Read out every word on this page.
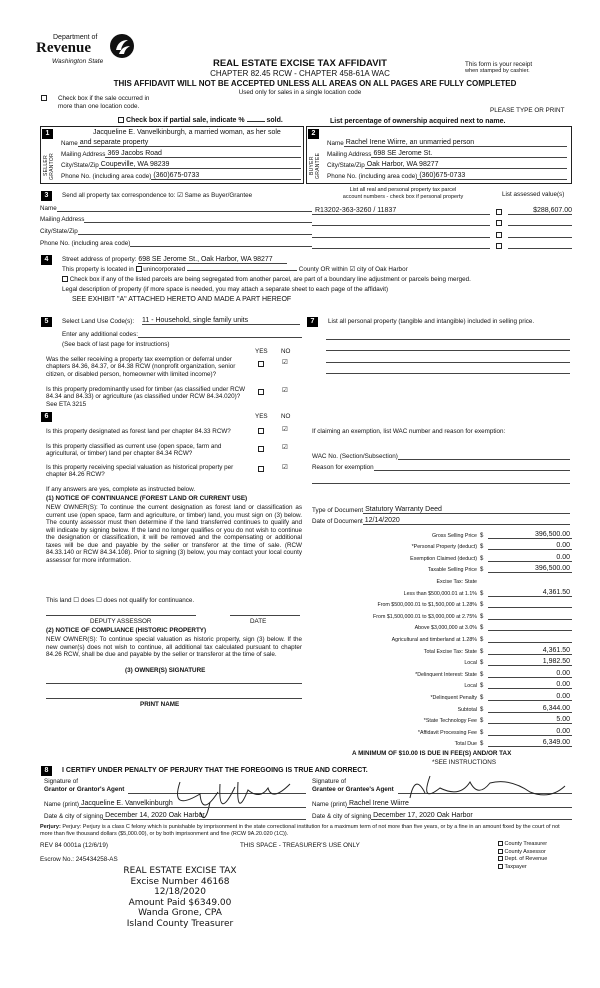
Department of
Revenue
Washington State	REAL ESTATE EXCISE TAX AFFIDAVIT
CHAPTER 82.45 RCW - CHAPTER 458-61A WAC
THIS AFFIDAVIT WILL NOT BE ACCEPTED UNLESS ALL AREAS ON ALL PAGES ARE FULLY COMPLETED
Used only for sales in a single location code
This form is your receipt
when stamped by cashier.
Check box if the sale occurred in
more than one location code.
PLEASE TYPE OR PRINT
Check box if partial sale, indicate %	sold.	List percentage of ownership acquired next to name.
1
SELLER GRANTOR
Jacqueline E. Vanvelkinburgh, a married woman, as her sole
Name and separate property
Mailing Address 369 Jacobs Road
City/State/Zip Coupeville, WA 98239
Phone No. (including area code) (360)675-0733
2
BUYER GRANTEE
Name Rachel Irene Wiirre, an unmarried person
Mailing Address 698 SE Jerome St.
City/State/Zip Oak Harbor, WA 98277
Phone No. (including area code) (360)675-0733
3	Send all property tax correspondence to: ☑ Same as Buyer/Grantee
Name
Mailing Address
City/State/Zip
Phone No. (including area code)
List all real and personal property tax parcel
account numbers - check box if personal property	List assessed value(s)
R13202-363-3260 / 11837	$288,607.00
4	Street address of property: 698 SE Jerome St., Oak Harbor, WA 98277
This property is located in unincorporated	County OR within ☑ city of Oak Harbor
Check box if any of the listed parcels are being segregated from another parcel, are part of a boundary line adjustment or parcels being merged.
Legal description of property (if more space is needed, you may attach a separate sheet to each page of the affidavit)
SEE EXHIBIT "A" ATTACHED HERETO AND MADE A PART HEREOF
5	Select Land Use Code(s): 11 - Household, single family units
Enter any additional codes:
(See back of last page for instructions)
YES NO
Was the seller receiving a property tax exemption or deferral under chapters 84.36, 84.37, or 84.38 RCW (nonprofit organization, senior citizen, or disabled person, homeowner with limited income)?
☑
Is this property predominantly used for timber (as classified under RCW 84.34 and 84.33) or agriculture (as classified under RCW 84.34.020)? See ETA 3215
☑
6	YES NO
Is this property designated as forest land per chapter 84.33 RCW?	☑
Is this property classified as current use (open space, farm and agricultural, or timber) land per chapter 84.34 RCW?
☑
Is this property receiving special valuation as historical property per chapter 84.26 RCW?
☑
If any answers are yes, complete as instructed below.
(1) NOTICE OF CONTINUANCE (FOREST LAND OR CURRENT USE)
NEW OWNER(S): To continue the current designation as forest land or classification as current use (open space, farm and agriculture, or timber) land, you must sign on (3) below. The county assessor must then determine if the land transferred continues to qualify and will indicate by signing below. If the land no longer qualifies or you do not wish to continue the designation or classification, it will be removed and the compensating or additional taxes will be due and payable by the seller or transferor at the time of sale. (RCW 84.33.140 or RCW 84.34.108). Prior to signing (3) below, you may contact your local county assessor for more information.
This land ☐ does ☐ does not qualify for continuance.
DEPUTY ASSESSOR	DATE
(2) NOTICE OF COMPLIANCE (HISTORIC PROPERTY)
NEW OWNER(S): To continue special valuation as historic property, sign (3) below. If the new owner(s) does not wish to continue, all additional tax calculated pursuant to chapter 84.26 RCW, shall be due and payable by the seller or transferor at the time of sale.
(3) OWNER(S) SIGNATURE
PRINT NAME
7	List all personal property (tangible and intangible) included in selling price.
If claiming an exemption, list WAC number and reason for exemption:
WAC No. (Section/Subsection)
Reason for exemption
Type of Document Statutory Warranty Deed
Date of Document 12/14/2020
Gross Selling Price $	396,500.00
*Personal Property (deduct) $	0.00
Exemption Claimed (deduct) $	0.00
Taxable Selling Price $	396,500.00
Excise Tax: State
Less than $500,000.01 at 1.1% $	4,361.50
From $500,000.01 to $1,500,000 at 1.28% $
From $1,500,000.01 to $3,000,000 at 2.75% $
Above $3,000,000 at 3.0% $
Agricultural and timberland at 1.28% $
Total Excise Tax: State $	4,361.50
Local $	1,982.50
*Delinquent Interest: State $	0.00
Local $	0.00
*Delinquent Penalty $	0.00
Subtotal $	6,344.00
*State Technology Fee $	5.00
*Affidavit Processing Fee $	0.00
Total Due $	6,349.00
A MINIMUM OF $10.00 IS DUE IN FEE(S) AND/OR TAX
*SEE INSTRUCTIONS
8	I CERTIFY UNDER PENALTY OF PERJURY THAT THE FOREGOING IS TRUE AND CORRECT.
Signature of
Grantor or Grantor's Agent
Signature of
Grantee or Grantee's Agent
Name (print) Jacqueline E. Vanvelkinburgh	Name (print) Rachel Irene Wiirre
Date & city of signing December 14, 2020 Oak Harbor	Date & city of signing December 17, 2020 Oak Harbor
Perjury: Perjury: Perjury is a class C felony which is punishable by imprisonment in the state correctional institution for a maximum term of not more than five years, or by a fine in an amount fixed by the court of not more than five thousand dollars ($5,000.00), or by both imprisonment and fine (RCW 9A.20.020 (1C)).
REV 84 0001a (12/6/19)	THIS SPACE - TREASURER'S USE ONLY	County Treasurer
County Assessor
Dept. of Revenue
Taxpayer
Escrow No.: 245434258-AS
REAL ESTATE EXCISE TAX
Excise Number 46168
12/18/2020
Amount Paid $6349.00
Wanda Grone, CPA
Island County Treasurer
